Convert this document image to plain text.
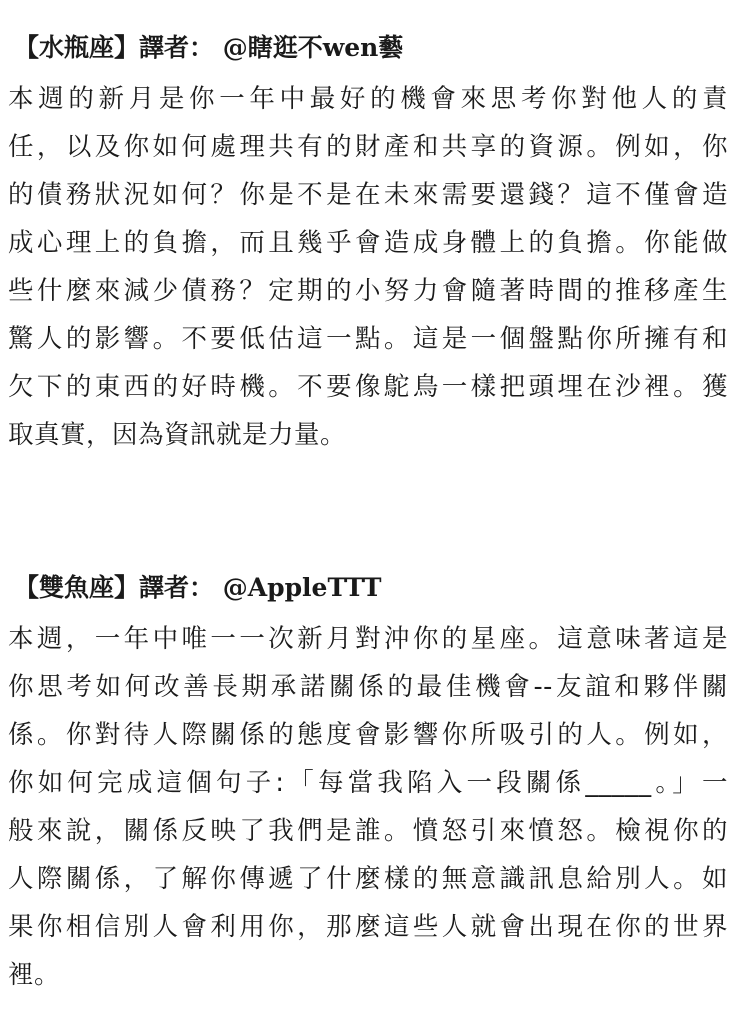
【水瓶座】譯者： @瞎逛不wen藝
本週的新月是你一年中最好的機會來思考你對他人的責
任，以及你如何處理共有的財產和共享的資源。例如，你
的債務狀況如何？你是不是在未來需要還錢？這不僅會造
成心理上的負擔，而且幾乎會造成身體上的負擔。你能做
些什麼來減少債務？定期的小努力會隨著時間的推移產生
驚人的影響。不要低估這一點。這是一個盤點你所擁有和
欠下的東西的好時機。不要像鴕鳥一樣把頭埋在沙裡。獲
取真實，因為資訊就是力量。
【雙魚座】譯者： @AppleTTT
本週，一年中唯一一次新月對沖你的星座。這意味著這是
你思考如何改善長期承諾關係的最佳機會--友誼和夥伴關
係。你對待人際關係的態度會影響你所吸引的人。例如，
你如何完成這個句子:「每當我陷入一段關係_____。」一
般來說，關係反映了我們是誰。憤怒引來憤怒。檢視你的
人際關係，了解你傳遞了什麼樣的無意識訊息給別人。如
果你相信別人會利用你，那麼這些人就會出現在你的世界
裡。
